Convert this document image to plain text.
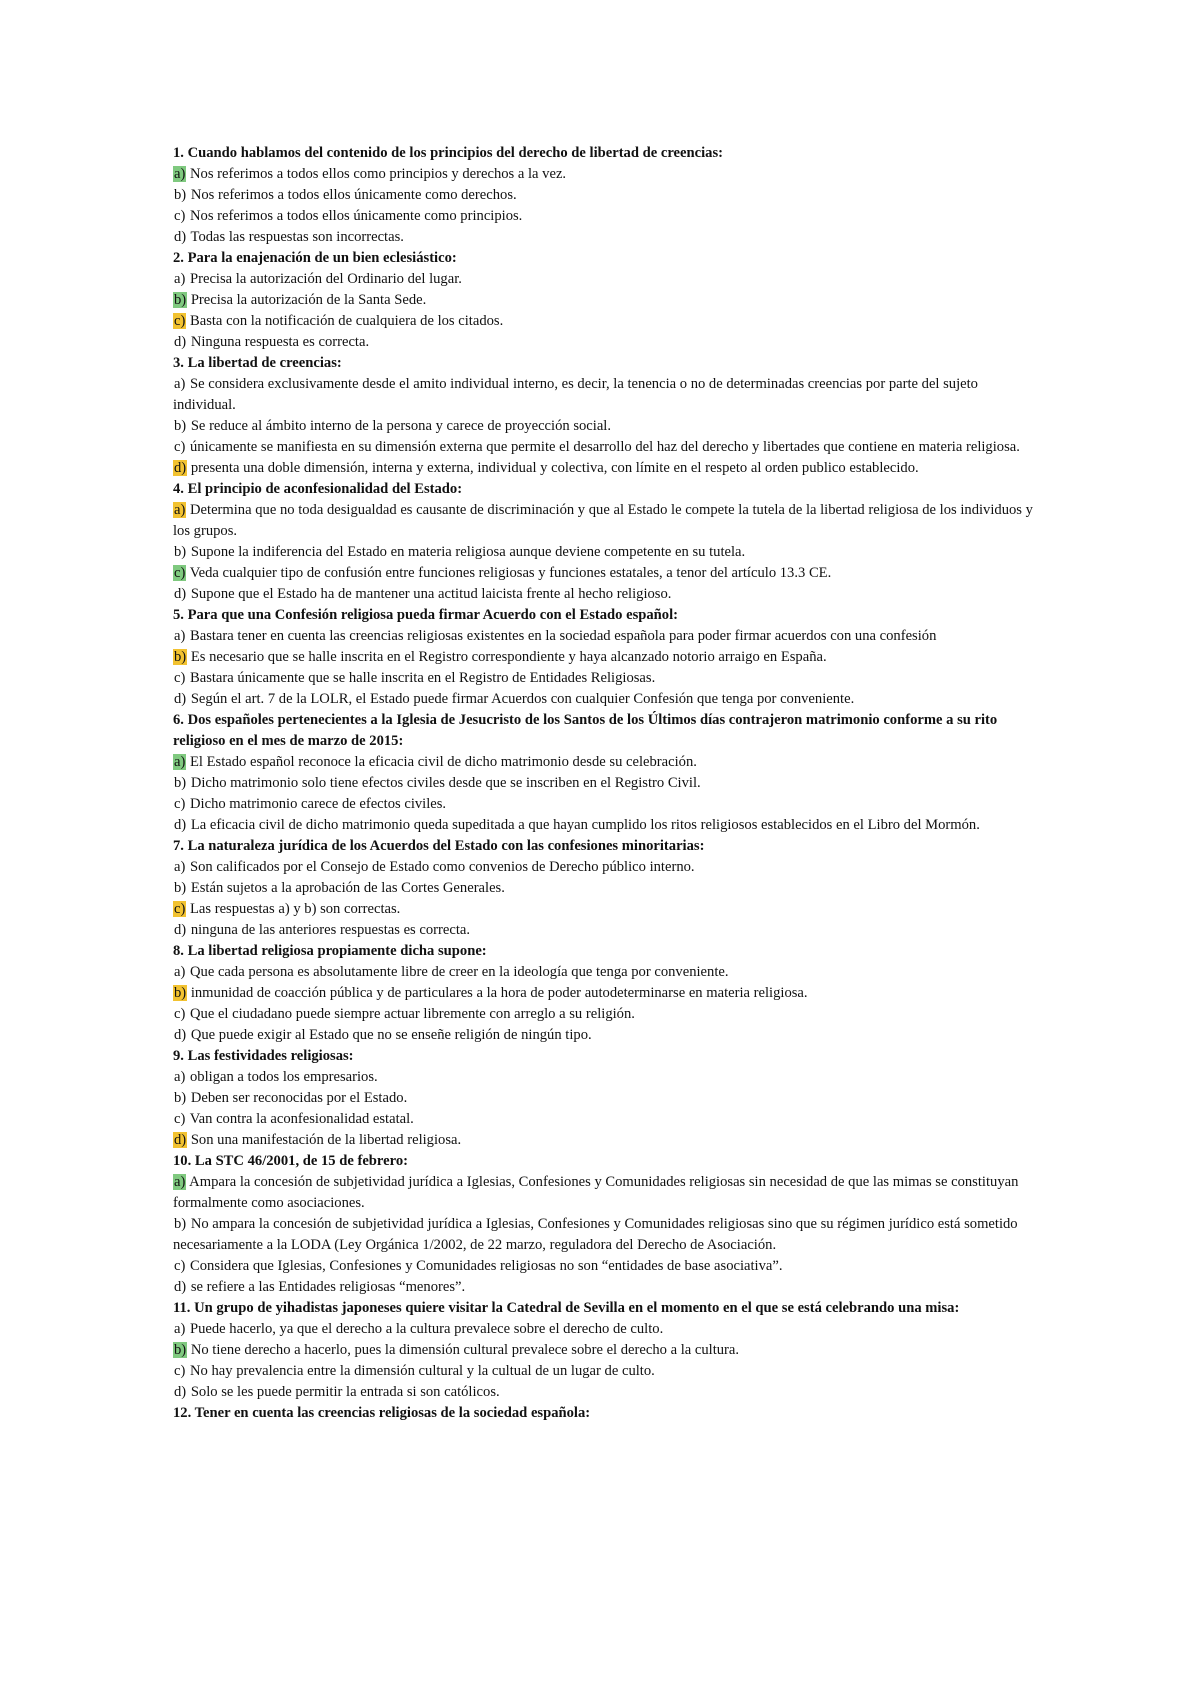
1. Cuando hablamos del contenido de los principios del derecho de libertad de creencias:
a) Nos referimos a todos ellos como principios y derechos a la vez.
b) Nos referimos a todos ellos únicamente como derechos.
c) Nos referimos a todos ellos únicamente como principios.
d) Todas las respuestas son incorrectas.
2. Para la enajenación de un bien eclesiástico:
a) Precisa la autorización del Ordinario del lugar.
b) Precisa la autorización de la Santa Sede.
c) Basta con la notificación de cualquiera de los citados.
d) Ninguna respuesta es correcta.
3. La libertad de creencias:
a) Se considera exclusivamente desde el amito individual interno, es decir, la tenencia o no de determinadas creencias por parte del sujeto individual.
b) Se reduce al ámbito interno de la persona y carece de proyección social.
c) únicamente se manifiesta en su dimensión externa que permite el desarrollo del haz del derecho y libertades que contiene en materia religiosa.
d) presenta una doble dimensión, interna y externa, individual y colectiva, con límite en el respeto al orden publico establecido.
4. El principio de aconfesionalidad del Estado:
a) Determina que no toda desigualdad es causante de discriminación y que al Estado le compete la tutela de la libertad religiosa de los individuos y los grupos.
b) Supone la indiferencia del Estado en materia religiosa aunque deviene competente en su tutela.
c) Veda cualquier tipo de confusión entre funciones religiosas y funciones estatales, a tenor del artículo 13.3 CE.
d) Supone que el Estado ha de mantener una actitud laicista frente al hecho religioso.
5. Para que una Confesión religiosa pueda firmar Acuerdo con el Estado español:
a) Bastara tener en cuenta las creencias religiosas existentes en la sociedad española para poder firmar acuerdos con una confesión
b) Es necesario que se halle inscrita en el Registro correspondiente y haya alcanzado notorio arraigo en España.
c) Bastara únicamente que se halle inscrita en el Registro de Entidades Religiosas.
d) Según el art. 7 de la LOLR, el Estado puede firmar Acuerdos con cualquier Confesión que tenga por conveniente.
6. Dos españoles pertenecientes a la Iglesia de Jesucristo de los Santos de los Últimos días contrajeron matrimonio conforme a su rito religioso en el mes de marzo de 2015:
a) El Estado español reconoce la eficacia civil de dicho matrimonio desde su celebración.
b) Dicho matrimonio solo tiene efectos civiles desde que se inscriben en el Registro Civil.
c) Dicho matrimonio carece de efectos civiles.
d) La eficacia civil de dicho matrimonio queda supeditada a que hayan cumplido los ritos religiosos establecidos en el Libro del Mormón.
7. La naturaleza jurídica de los Acuerdos del Estado con las confesiones minoritarias:
a) Son calificados por el Consejo de Estado como convenios de Derecho público interno.
b) Están sujetos a la aprobación de las Cortes Generales.
c) Las respuestas a) y b) son correctas.
d) ninguna de las anteriores respuestas es correcta.
8. La libertad religiosa propiamente dicha supone:
a) Que cada persona es absolutamente libre de creer en la ideología que tenga por conveniente.
b) inmunidad de coacción pública y de particulares a la hora de poder autodeterminarse en materia religiosa.
c) Que el ciudadano puede siempre actuar libremente con arreglo a su religión.
d) Que puede exigir al Estado que no se enseñe religión de ningún tipo.
9. Las festividades religiosas:
a) obligan a todos los empresarios.
b) Deben ser reconocidas por el Estado.
c) Van contra la aconfesionalidad estatal.
d) Son una manifestación de la libertad religiosa.
10. La STC 46/2001, de 15 de febrero:
a) Ampara la concesión de subjetividad jurídica a Iglesias, Confesiones y Comunidades religiosas sin necesidad de que las mimas se constituyan formalmente como asociaciones.
b) No ampara la concesión de subjetividad jurídica a Iglesias, Confesiones y Comunidades religiosas sino que su régimen jurídico está sometido necesariamente a la LODA (Ley Orgánica 1/2002, de 22 marzo, reguladora del Derecho de Asociación.
c) Considera que Iglesias, Confesiones y Comunidades religiosas no son “entidades de base asociativa”.
d) se refiere a las Entidades religiosas “menores”.
11. Un grupo de yihadistas japoneses quiere visitar la Catedral de Sevilla en el momento en el que se está celebrando una misa:
a) Puede hacerlo, ya que el derecho a la cultura prevalece sobre el derecho de culto.
b) No tiene derecho a hacerlo, pues la dimensión cultural prevalece sobre el derecho a la cultura.
c) No hay prevalencia entre la dimensión cultural y la cultual de un lugar de culto.
d) Solo se les puede permitir la entrada si son católicos.
12. Tener en cuenta las creencias religiosas de la sociedad española:
